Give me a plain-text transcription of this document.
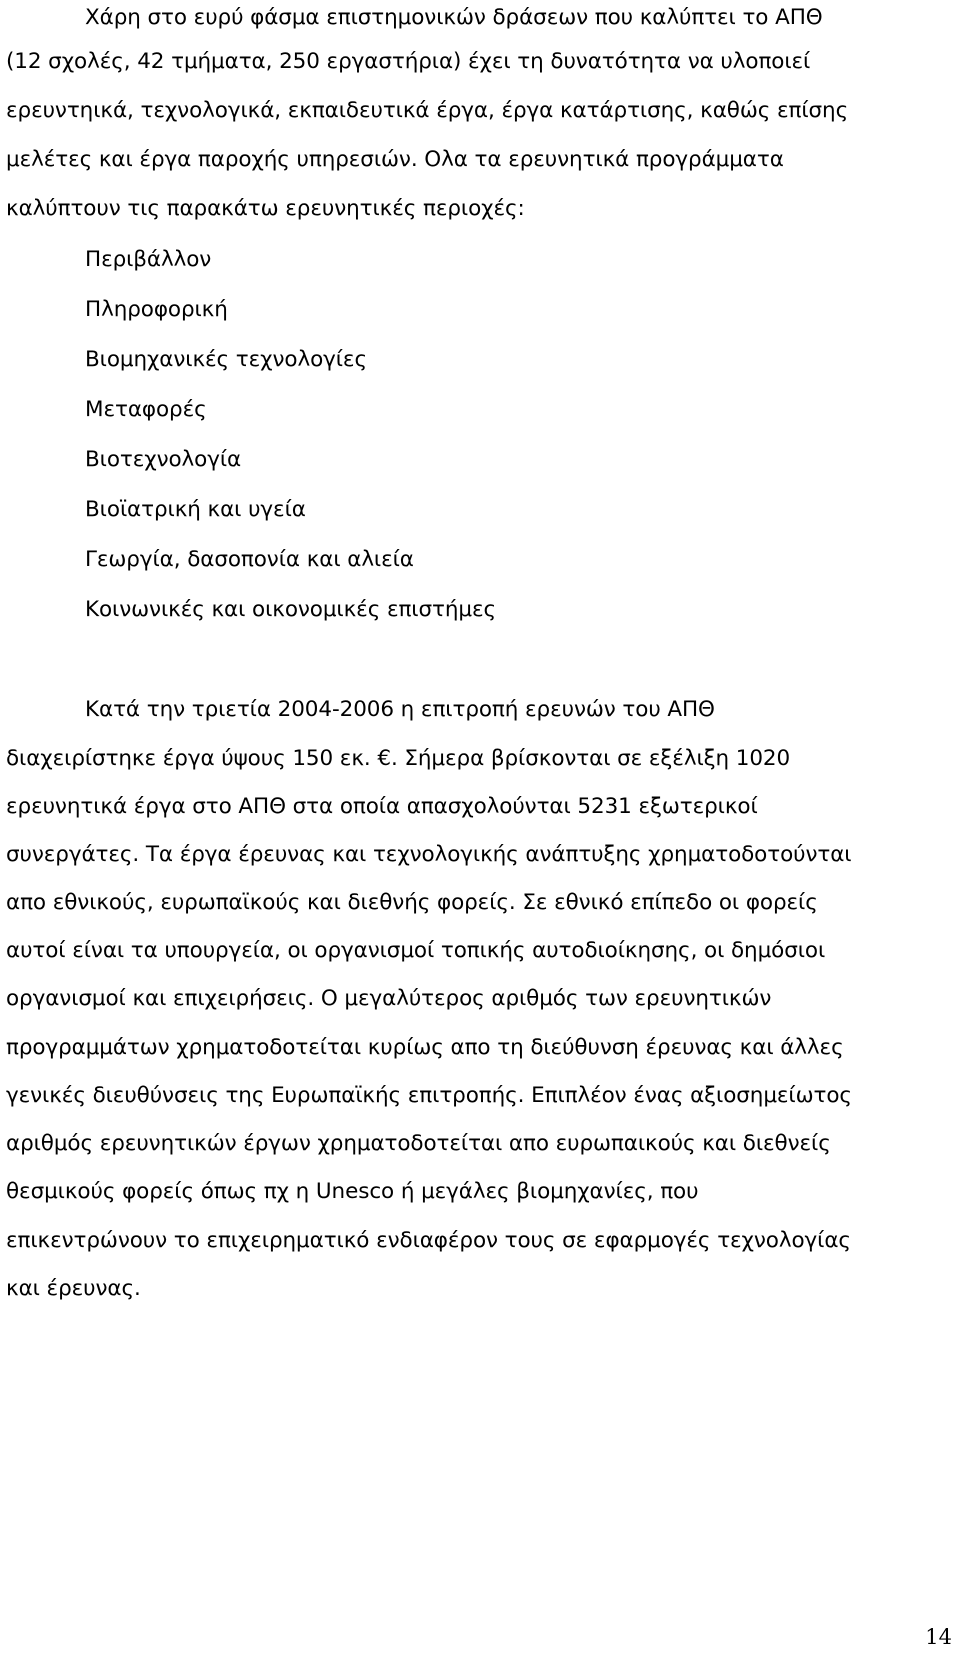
Χάρη στο ευρύ φάσμα επιστημονικών δράσεων που καλύπτει το ΑΠΘ
(12 σχολές, 42 τμήματα, 250 εργαστήρια) έχει τη δυνατότητα να υλοποιεί
ερευντηικά, τεχνολογικά, εκπαιδευτικά έργα, έργα κατάρτισης, καθώς επίσης
μελέτες και έργα παροχής υπηρεσιών. Ολα τα ερευνητικά προγράμματα
καλύπτουν τις παρακάτω ερευνητικές περιοχές:
Περιβάλλον
Πληροφορική
Βιομηχανικές τεχνολογίες
Μεταφορές
Βιοτεχνολογία
Βιοϊατρική και υγεία
Γεωργία, δασοπονία και αλιεία
Κοινωνικές και οικονομικές επιστήμες
Κατά την τριετία 2004-2006 η επιτροπή ερευνών του ΑΠΘ
διαχειρίστηκε έργα ύψους 150 εκ. €. Σήμερα βρίσκονται σε εξέλιξη 1020
ερευνητικά έργα στο ΑΠΘ στα οποία απασχολούνται 5231 εξωτερικοί
συνεργάτες. Τα έργα έρευνας και τεχνολογικής ανάπτυξης χρηματοδοτούνται
απο εθνικούς, ευρωπαϊκούς και διεθνής φορείς. Σε εθνικό επίπεδο οι φορείς
αυτοί είναι τα υπουργεία, οι οργανισμοί τοπικής αυτοδιοίκησης, οι δημόσιοι
οργανισμοί και επιχειρήσεις. Ο μεγαλύτερος αριθμός των ερευνητικών
προγραμμάτων χρηματοδοτείται κυρίως απο τη διεύθυνση έρευνας και άλλες
γενικές διευθύνσεις της Ευρωπαϊκής επιτροπής. Επιπλέον ένας αξιοσημείωτος
αριθμός ερευνητικών έργων χρηματοδοτείται απο ευρωπαικούς και διεθνείς
θεσμικούς φορείς όπως πχ η Unesco ή μεγάλες βιομηχανίες, που
επικεντρώνουν το επιχειρηματικό ενδιαφέρον τους σε εφαρμογές τεχνολογίας
και έρευνας.
14
